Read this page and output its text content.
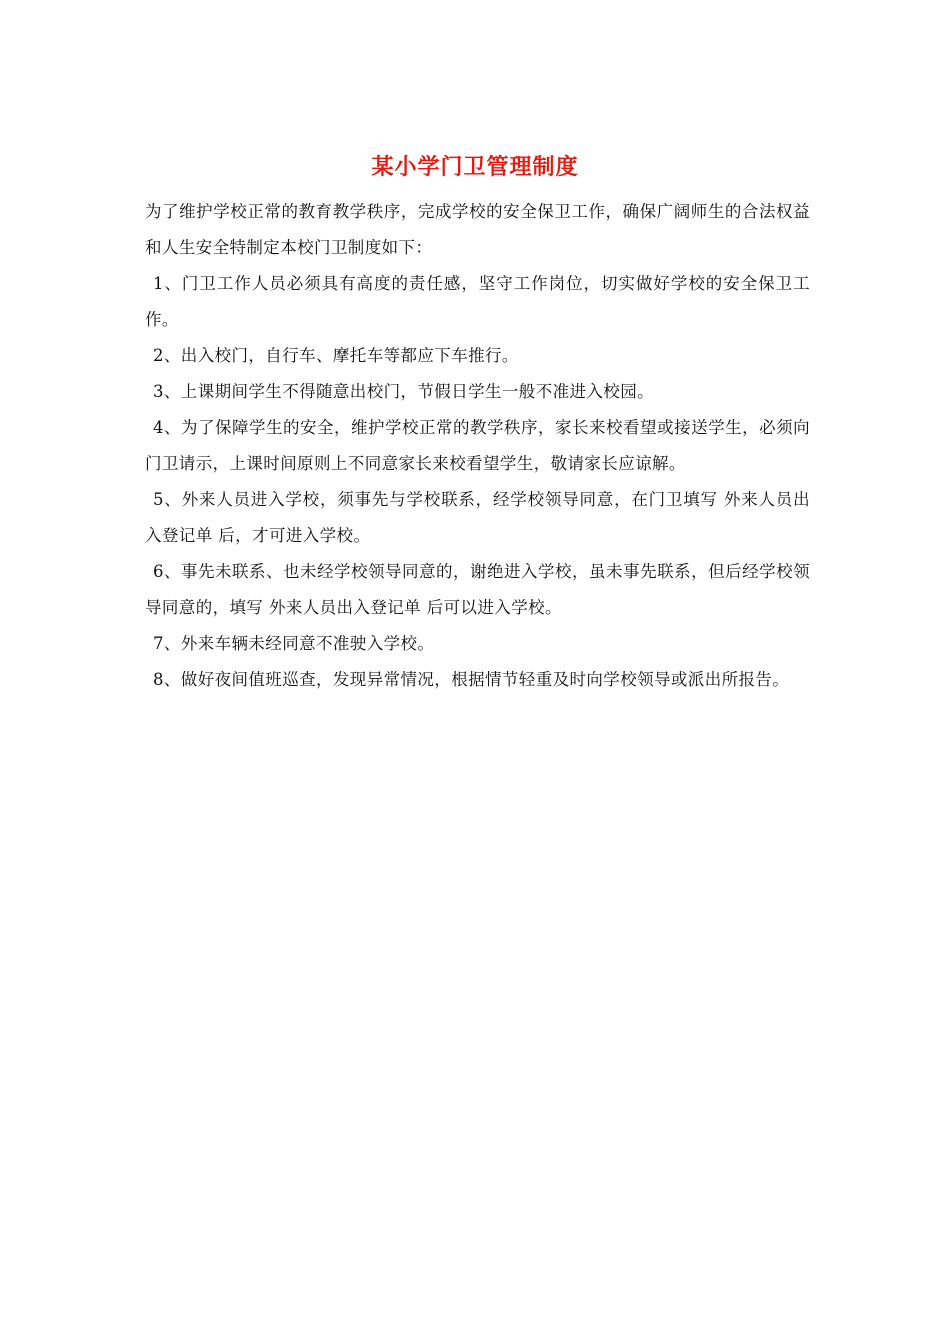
某小学门卫管理制度

为了维护学校正常的教育教学秩序，完成学校的安全保卫工作，确保广阔师生的合法权益和人生安全特制定本校门卫制度如下：

1、门卫工作人员必须具有高度的责任感，坚守工作岗位，切实做好学校的安全保卫工作。

2、出入校门，自行车、摩托车等都应下车推行。

3、上课期间学生不得随意出校门，节假日学生一般不准进入校园。

4、为了保障学生的安全，维护学校正常的教学秩序，家长来校看望或接送学生，必须向门卫请示，上课时间原则上不同意家长来校看望学生，敬请家长应谅解。

5、外来人员进入学校，须事先与学校联系，经学校领导同意，在门卫填写 外来人员出入登记单 后，才可进入学校。

6、事先未联系、也未经学校领导同意的，谢绝进入学校，虽未事先联系，但后经学校领导同意的，填写 外来人员出入登记单 后可以进入学校。

7、外来车辆未经同意不准驶入学校。

8、做好夜间值班巡查，发现异常情况，根据情节轻重及时向学校领导或派出所报告。
